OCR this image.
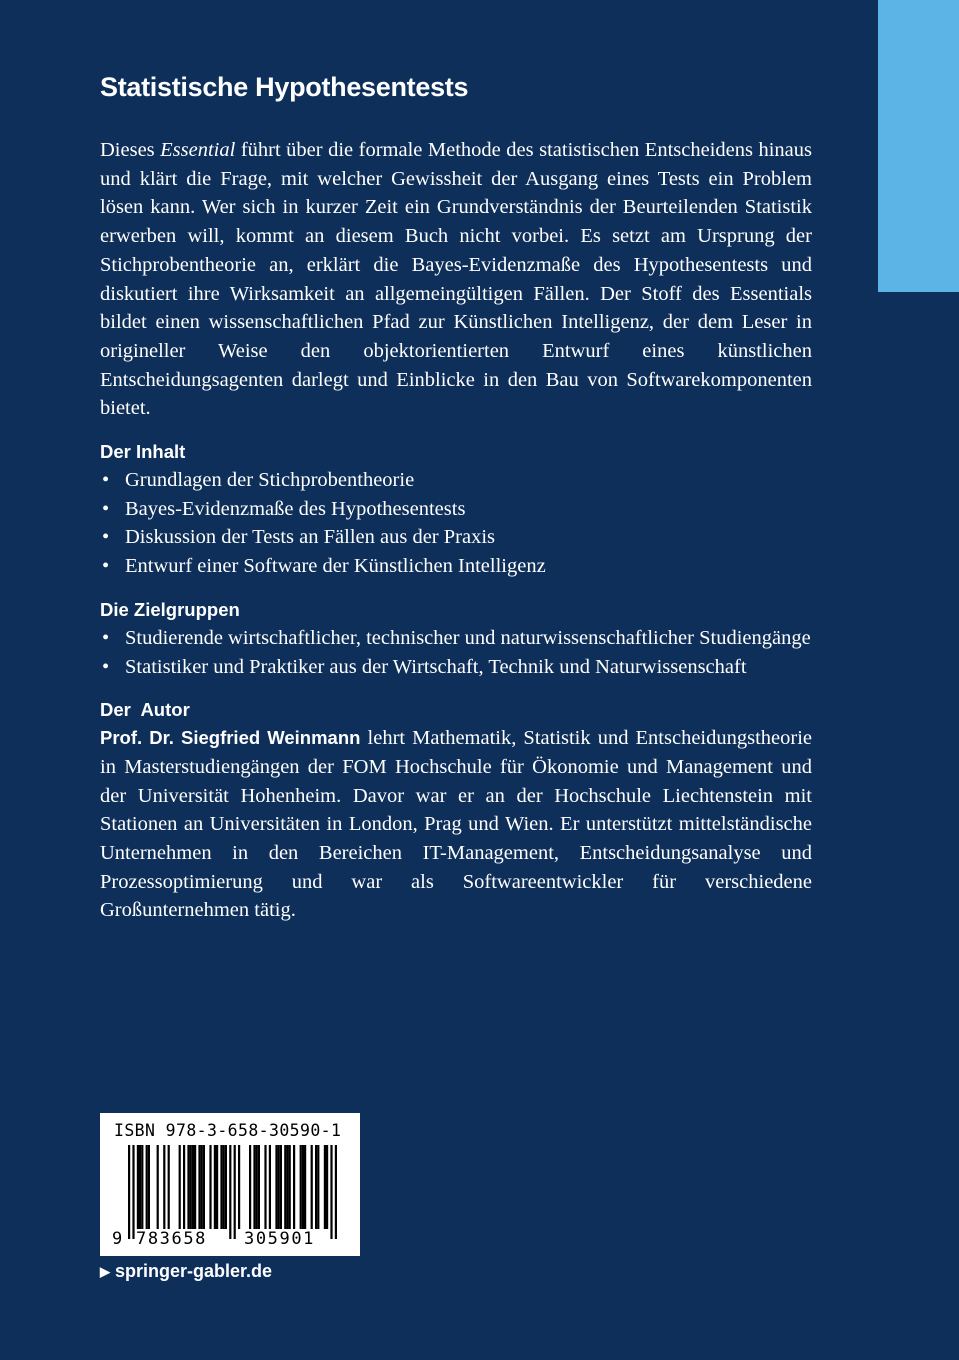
Statistische Hypothesentests

Dieses Essential führt über die formale Methode des statistischen Entscheidens hinaus und klärt die Frage, mit welcher Gewissheit der Ausgang eines Tests ein Problem lösen kann. Wer sich in kurzer Zeit ein Grundverständnis der Beurteilenden Statistik erwerben will, kommt an diesem Buch nicht vorbei. Es setzt am Ursprung der Stichprobentheorie an, erklärt die Bayes-Evidenzmaße des Hypothesentests und diskutiert ihre Wirksamkeit an allgemeingültigen Fällen. Der Stoff des Essentials bildet einen wissenschaftlichen Pfad zur Künstlichen Intelligenz, der dem Leser in origineller Weise den objektorientierten Entwurf eines künstlichen Entscheidungsagenten darlegt und Einblicke in den Bau von Softwarekomponenten bietet.

Der Inhalt
• Grundlagen der Stichprobentheorie
• Bayes-Evidenzmaße des Hypothesentests
• Diskussion der Tests an Fällen aus der Praxis
• Entwurf einer Software der Künstlichen Intelligenz
Die Zielgruppen
• Studierende wirtschaftlicher, technischer und naturwissenschaftlicher Studiengänge
• Statistiker und Praktiker aus der Wirtschaft, Technik und Naturwissenschaft
Der  Autor

Prof. Dr. Siegfried Weinmann lehrt Mathematik, Statistik und Entscheidungstheorie in Masterstudiengängen der FOM Hochschule für Ökonomie und Management und der Universität Hohenheim. Davor war er an der Hochschule Liechtenstein mit Stationen an Universitäten in London, Prag und Wien. Er unterstützt mittelständische Unternehmen in den Bereichen IT-Management, Entscheidungsanalyse und Prozessoptimierung und war als Softwareentwickler für verschiedene Großunternehmen tätig.

ISBN 978-3-658-30590-1
9 783658 305901
▶ springer-gabler.de
